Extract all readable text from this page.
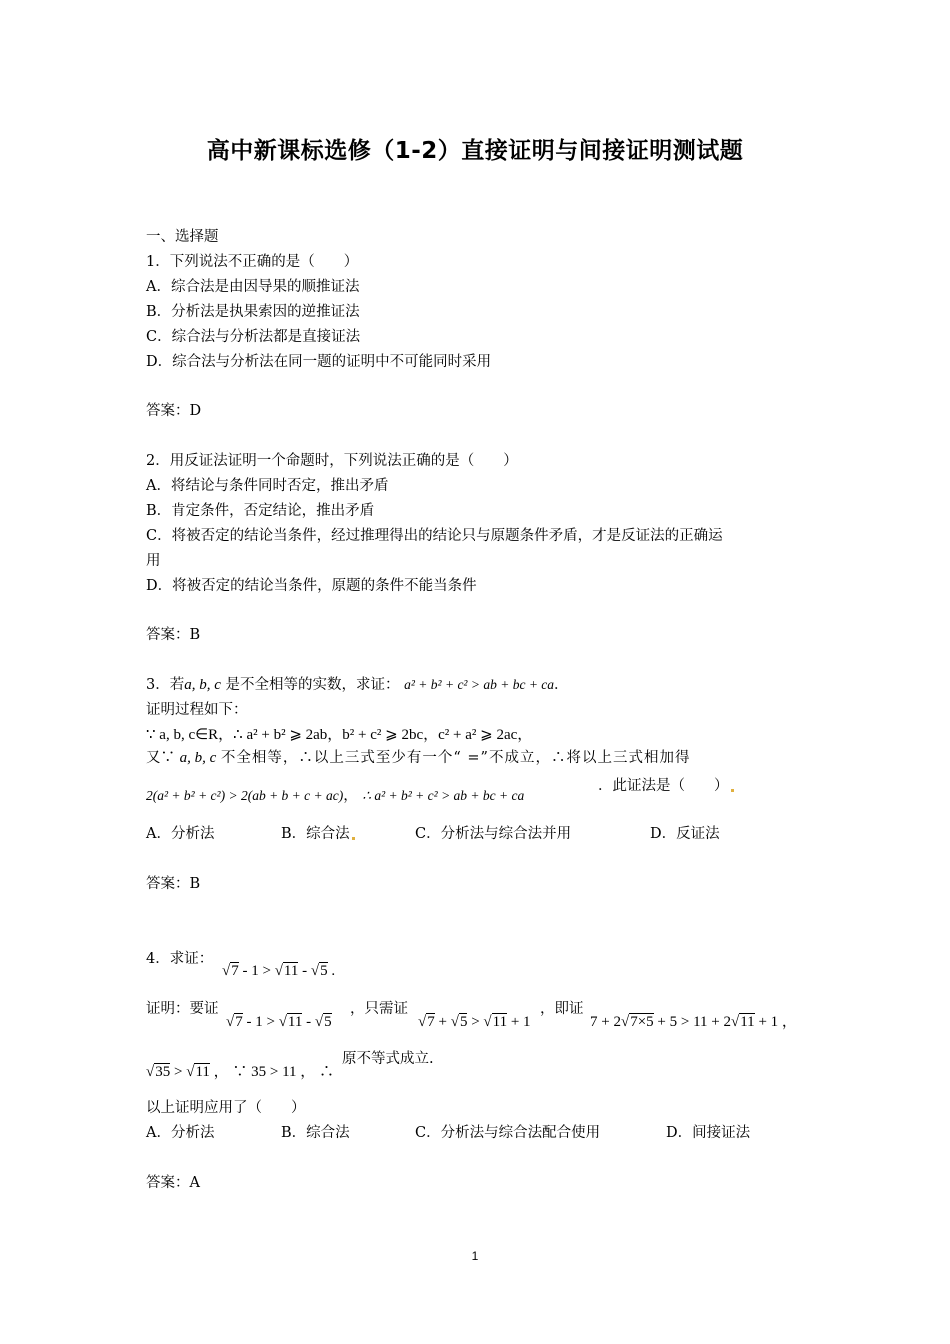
高中新课标选修（1-2）直接证明与间接证明测试题
一、选择题
1．下列说法不正确的是（　　）
A．综合法是由因导果的顺推证法
B．分析法是执果索因的逆推证法
C．综合法与分析法都是直接证法
D．综合法与分析法在同一题的证明中不可能同时采用
答案：D
2．用反证法证明一个命题时，下列说法正确的是（　　）
A．将结论与条件同时否定，推出矛盾
B．肯定条件，否定结论，推出矛盾
C．将被否定的结论当条件，经过推理得出的结论只与原题条件矛盾，才是反证法的正确运
用
D．将被否定的结论当条件，原题的条件不能当条件
答案：B
3．若a, b, c 是不全相等的实数，求证： a² + b² + c² > ab + bc + ca．
证明过程如下：
∵ a, b, c∈R，∴ a² + b² ⩾ 2ab，b² + c² ⩾ 2bc，c² + a² ⩾ 2ac，
又∵ a, b, c 不全相等，∴以上三式至少有一个“ =”不成立，∴将以上三式相加得
2(a² + b² + c²) > 2(ab + b + c + ac)， ∴ a² + b² + c² > ab + bc + ca
．此证法是（　　）
A．分析法	B．综合法	C．分析法与综合法并用	D．反证法
答案：B
4．求证：
√7 - 1 > √11 - √5 .
证明：要证
√7 - 1 > √11 - √5
，只需证
√7 + √5 > √11 + 1
，即证
7 + 2√7×5 + 5 > 11 + 2√11 + 1 ，
√35 > √11 ， ∵ 35 > 11 ， ∴
原不等式成立.
以上证明应用了（　　）
A．分析法	B．综合法	C．分析法与综合法配合使用	D．间接证法
答案：A
1
